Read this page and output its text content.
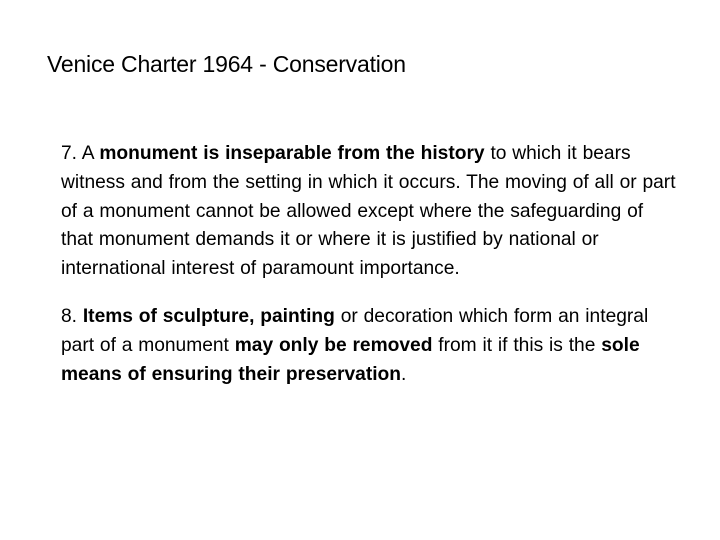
Venice Charter 1964 - Conservation

7. A monument is inseparable from the history to which it bears witness and from the setting in which it occurs. The moving of all or part of a monument cannot be allowed except where the safeguarding of that monument demands it or where it is justified by national or international interest of paramount importance.

8. Items of sculpture, painting or decoration which form an integral part of a monument may only be removed from it if this is the sole means of ensuring their preservation.
